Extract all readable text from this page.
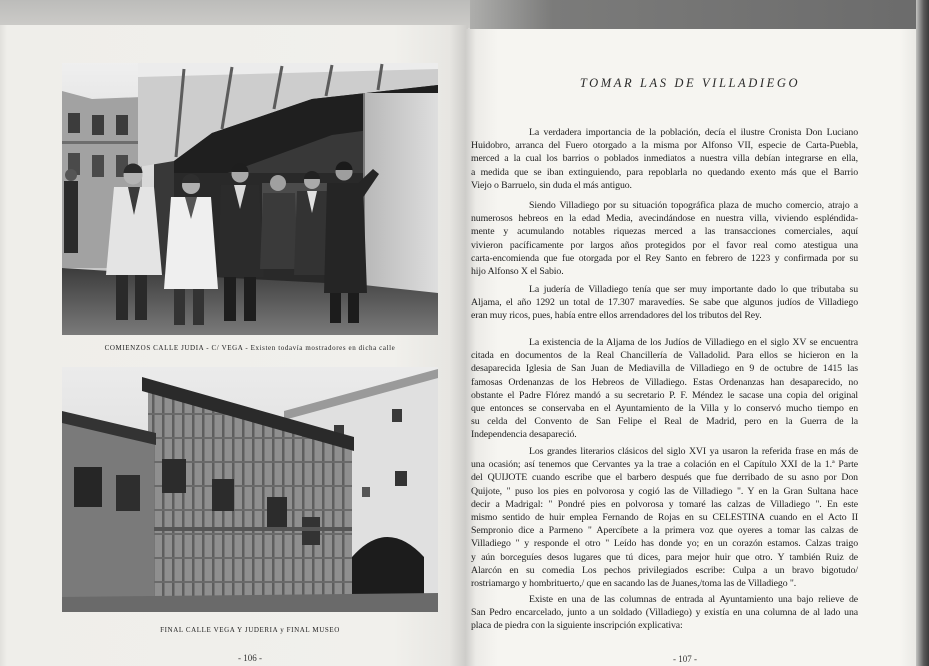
COMIENZOS CALLE JUDIA - C/ VEGA - Existen todavía mostradores en dicha calle
FINAL CALLE VEGA Y JUDERIA y FINAL MUSEO
- 106 -
TOMAR LAS DE VILLADIEGO
La verdadera importancia de la población, decía el ilustre Cronista Don Luciano
Huidobro, arranca del Fuero otorgado a la misma por Alfonso VII, especie de Carta-Puebla,
merced a la cual los barrios o poblados inmediatos a nuestra villa debían integrarse en ella,
a medida que se iban extinguiendo, para repoblarla no quedando exento más que el Barrio
Viejo o Barruelo, sin duda el más antiguo.
Siendo Villadiego por su situación topográfica plaza de mucho comercio, atrajo a
numerosos hebreos en la edad Media, avecindándose en nuestra villa, viviendo espléndida-
mente y acumulando notables riquezas merced a las transacciones comerciales, aquí
vivieron pacíficamente por largos años protegidos por el favor real como atestigua una
carta-encomienda que fue otorgada por el Rey Santo en febrero de 1223 y confirmada por su
hijo Alfonso X el Sabio.
La judería de Villadiego tenía que ser muy importante dado lo que tributaba su
Aljama, el año 1292 un total de 17.307 maravedíes. Se sabe que algunos judíos de Villadiego
eran muy ricos, pues, había entre ellos arrendadores del los tributos del Rey.
La existencia de la Aljama de los Judíos de Villadiego en el siglo XV se encuentra
citada en documentos de la Real Chancillería de Valladolid. Para ellos se hicieron en la
desaparecida Iglesia de San Juan de Mediavilla de Villadiego en 9 de octubre de 1415 las
famosas Ordenanzas de los Hebreos de Villadiego. Estas Ordenanzas han desaparecido, no
obstante el Padre Flórez mandó a su secretario P. F. Méndez le sacase una copia del original
que entonces se conservaba en el Ayuntamiento de la Villa y lo conservó mucho tiempo en
su celda del Convento de San Felipe el Real de Madrid, pero en la Guerra de la
Independencia desapareció.
Los grandes literarios clásicos del siglo XVI ya usaron la referida frase en más de
una ocasión; así tenemos que Cervantes ya la trae a colación en el Capítulo XXI de la 1.ª Parte
del QUIJOTE cuando escribe que el barbero después que fue derribado de su asno por Don
Quijote, " puso los pies en polvorosa y cogió las de Villadiego ". Y en la Gran Sultana hace
decir a Madrigal: " Pondré pies en polvorosa y tomaré las calzas de Villadiego ". En este
mismo sentido de huir emplea Fernando de Rojas en su CELESTINA cuando en el Acto II
Sempronio dice a Parmeno " Apercíbete a la primera voz que oyeres a tomar las calzas de
Villadiego " y responde el otro " Leído has donde yo; en un corazón estamos. Calzas traigo
y aún borceguíes desos lugares que tú dices, para mejor huir que otro. Y también Ruiz de
Alarcón en su comedia Los pechos privilegiados escribe: Culpa a un bravo bigotudo/
rostriamargo y hombrituerto,/ que en sacando las de Juanes,/toma las de Villadiego ".
Existe en una de las columnas de entrada al Ayuntamiento una bajo relieve de
San Pedro encarcelado, junto a un soldado (Villadiego) y existía en una columna de al lado una
placa de piedra con la siguiente inscripción explicativa:
- 107 -
